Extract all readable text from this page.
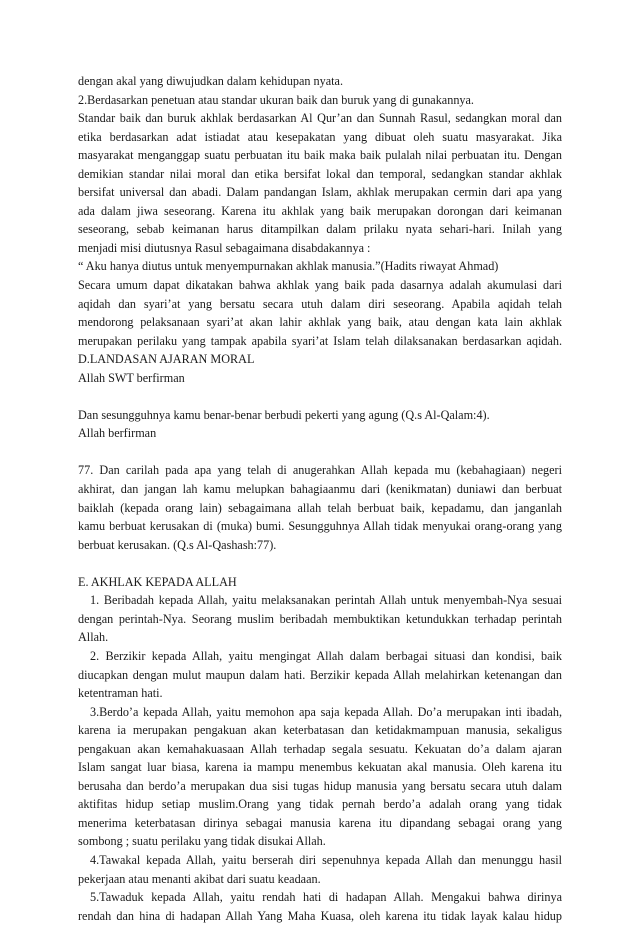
dengan akal yang diwujudkan dalam kehidupan nyata.
2.Berdasarkan penetuan atau standar ukuran baik dan buruk yang di gunakannya.
Standar baik dan buruk akhlak berdasarkan Al Qur’an dan Sunnah Rasul, sedangkan moral dan
etika berdasarkan adat istiadat atau kesepakatan yang dibuat oleh suatu masyarakat. Jika
masyarakat menganggap suatu perbuatan itu baik maka baik pulalah nilai perbuatan itu. Dengan
demikian standar nilai moral dan etika bersifat lokal dan temporal, sedangkan standar akhlak
bersifat universal dan abadi. Dalam pandangan Islam, akhlak merupakan cermin dari apa yang
ada dalam jiwa seseorang. Karena itu akhlak yang baik merupakan dorongan dari keimanan
seseorang, sebab keimanan harus ditampilkan dalam prilaku nyata sehari-hari. Inilah yang
menjadi misi diutusnya Rasul sebagaimana disabdakannya :
“ Aku hanya diutus untuk menyempurnakan akhlak manusia.”(Hadits riwayat Ahmad)
Secara umum dapat dikatakan bahwa akhlak yang baik pada dasarnya adalah akumulasi dari
aqidah dan syari’at yang bersatu secara utuh dalam diri seseorang. Apabila aqidah telah
mendorong pelaksanaan syari’at akan lahir akhlak yang baik, atau dengan kata lain akhlak
merupakan perilaku yang tampak apabila syari’at Islam telah dilaksanakan berdasarkan aqidah.
D.LANDASAN AJARAN MORAL
Allah SWT berfirman
Dan sesungguhnya kamu benar-benar berbudi pekerti yang agung (Q.s Al-Qalam:4).
Allah berfirman
77. Dan carilah pada apa yang telah di anugerahkan Allah kepada mu (kebahagiaan) negeri
akhirat, dan jangan lah kamu melupkan bahagiaanmu dari (kenikmatan) duniawi dan berbuat
baiklah (kepada orang lain) sebagaimana allah telah berbuat baik, kepadamu, dan janganlah
kamu berbuat kerusakan di (muka) bumi. Sesungguhnya Allah tidak menyukai orang-orang yang
berbuat kerusakan. (Q.s Al-Qashash:77).
E. AKHLAK KEPADA ALLAH
1. Beribadah kepada Allah, yaitu melaksanakan perintah Allah untuk menyembah-Nya sesuai
dengan perintah-Nya. Seorang muslim beribadah membuktikan ketundukkan terhadap perintah
Allah.
2. Berzikir kepada Allah, yaitu mengingat Allah dalam berbagai situasi dan kondisi, baik
diucapkan dengan mulut maupun dalam hati. Berzikir kepada Allah melahirkan ketenangan dan
ketentraman hati.
3.Berdo’a kepada Allah, yaitu memohon apa saja kepada Allah. Do’a merupakan inti ibadah,
karena ia merupakan pengakuan akan keterbatasan dan ketidakmampuan manusia, sekaligus
pengakuan akan kemahakuasaan Allah terhadap segala sesuatu. Kekuatan do’a dalam ajaran
Islam sangat luar biasa, karena ia mampu menembus kekuatan akal manusia. Oleh karena itu
berusaha dan berdo’a merupakan dua sisi tugas hidup manusia yang bersatu secara utuh dalam
aktifitas hidup setiap muslim.Orang yang tidak pernah berdo’a adalah orang yang tidak
menerima keterbatasan dirinya sebagai manusia karena itu dipandang sebagai orang yang
sombong ; suatu perilaku yang tidak disukai Allah.
4.Tawakal kepada Allah, yaitu berserah diri sepenuhnya kepada Allah dan menunggu hasil
pekerjaan atau menanti akibat dari suatu keadaan.
5.Tawaduk kepada Allah, yaitu rendah hati di hadapan Allah. Mengakui bahwa dirinya
rendah dan hina di hadapan Allah Yang Maha Kuasa, oleh karena itu tidak layak kalau hidup
